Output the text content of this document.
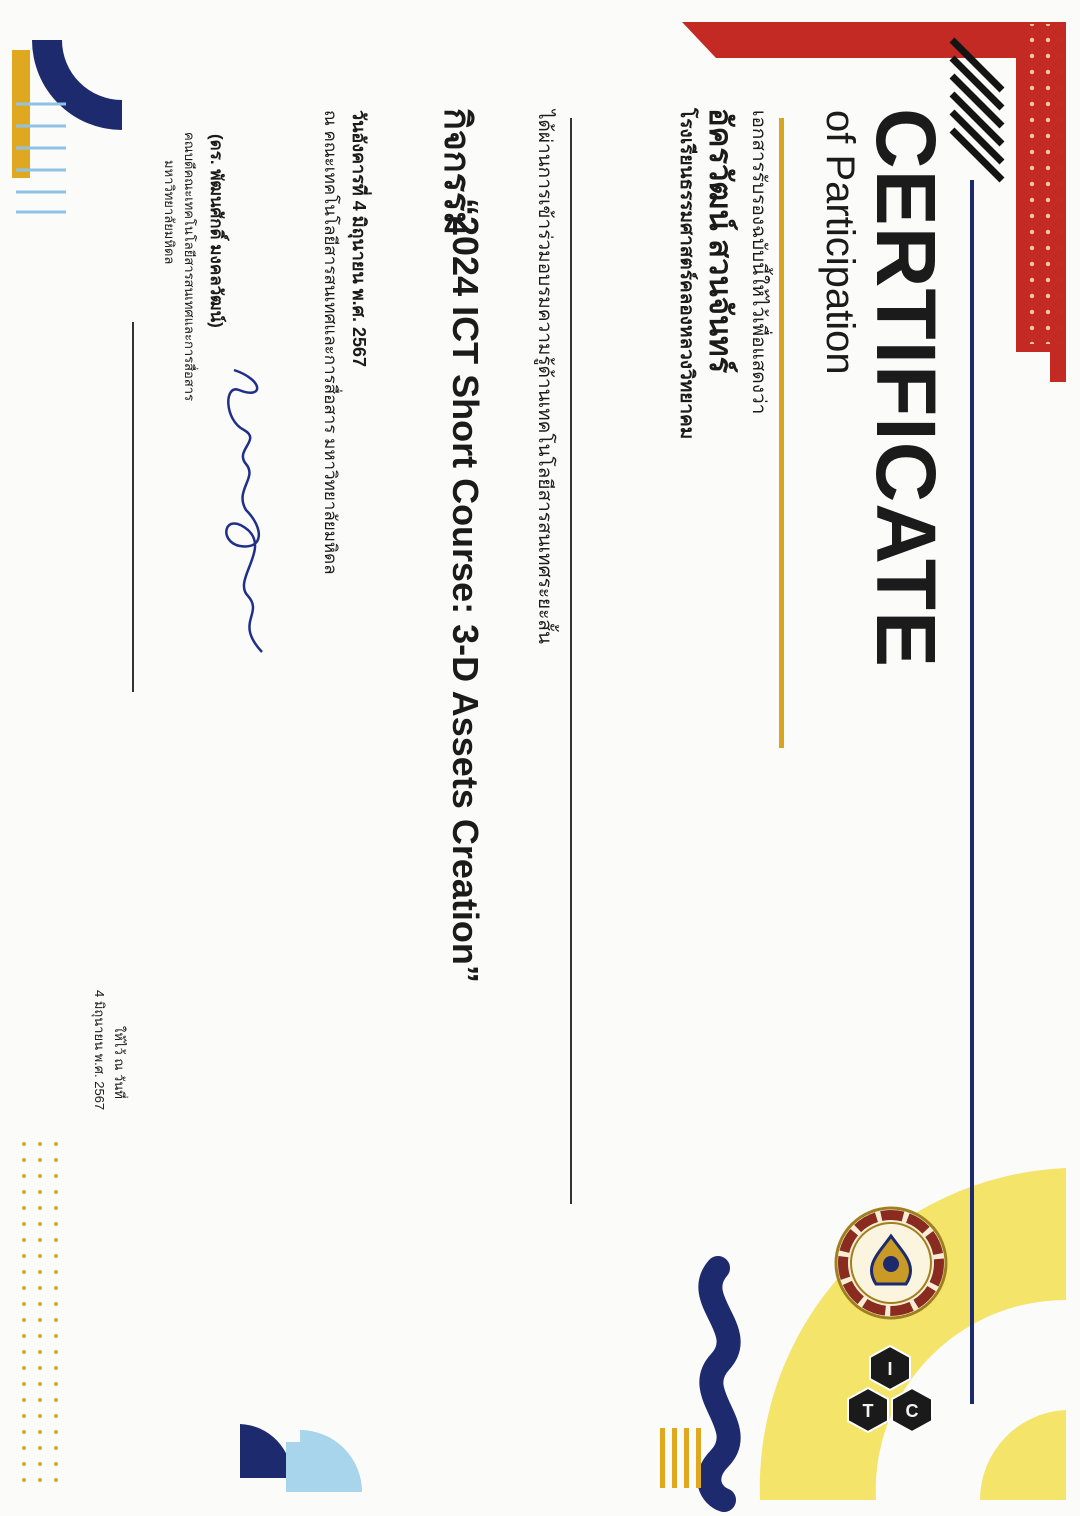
I
C
T
CERTIFICATE
of Participation
เอกสารรับรองฉบับนี้ให้ไว้เพื่อแสดงว่า
อัครวัฒน์ สวนจันทร์
โรงเรียนธรรมศาสตร์คลองหลวงวิทยาคม
ได้ผ่านการเข้าร่วมอบรมความรู้ด้านเทคโนโลยีสารสนเทศระยะสั้น
กิจกรรม
“2024 ICT Short Course: 3-D Assets Creation”
วันอังคารที่ 4 มิถุนายน พ.ศ. 2567
ณ คณะเทคโนโลยีสารสนเทศและการสื่อสาร มหาวิทยาลัยมหิดล
(ดร. พัฒนศักดิ์ มงคลวัฒน์)
คณบดีคณะเทคโนโลยีสารสนเทศและการสื่อสาร
มหาวิทยาลัยมหิดล
ให้ไว้ ณ วันที่
4 มิถุนายน พ.ศ. 2567
